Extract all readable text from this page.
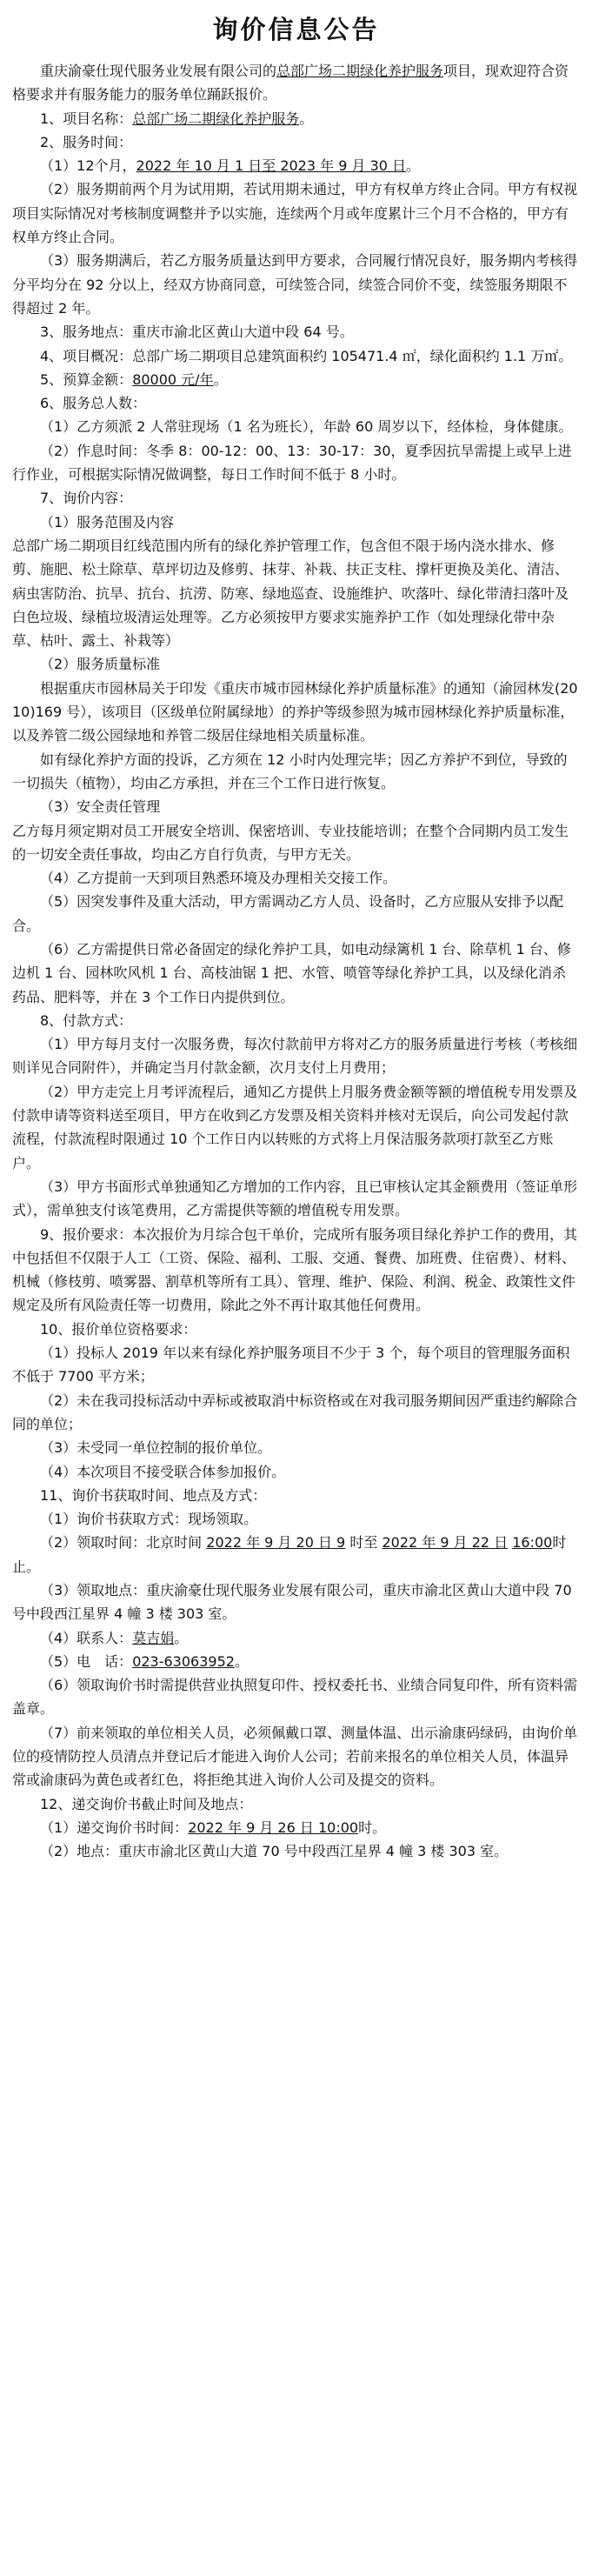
询价信息公告

重庆渝豪仕现代服务业发展有限公司的总部广场二期绿化养护服务项目，现欢迎符合资格要求并有服务能力的服务单位踊跃报价。

1、项目名称：总部广场二期绿化养护服务。

2、服务时间：

（1）12个月，2022 年 10 月 1 日至 2023 年 9 月 30 日。

（2）服务期前两个月为试用期，若试用期未通过，甲方有权单方终止合同。甲方有权视项目实际情况对考核制度调整并予以实施，连续两个月或年度累计三个月不合格的，甲方有权单方终止合同。

（3）服务期满后，若乙方服务质量达到甲方要求，合同履行情况良好，服务期内考核得分平均分在 92 分以上，经双方协商同意，可续签合同，续签合同价不变，续签服务期限不得超过 2 年。

3、服务地点：重庆市渝北区黄山大道中段 64 号。

4、项目概况：总部广场二期项目总建筑面积约 105471.4 ㎡，绿化面积约 1.1 万㎡。

5、预算金额：80000 元/年。

6、服务总人数：

（1）乙方须派 2 人常驻现场（1 名为班长），年龄 60 周岁以下，经体检，身体健康。

（2）作息时间：冬季 8：00-12：00、13：30-17：30，夏季因抗旱需提上或早上进行作业，可根据实际情况做调整，每日工作时间不低于 8 小时。

7、询价内容：

（1）服务范围及内容

总部广场二期项目红线范围内所有的绿化养护管理工作，包含但不限于场内浇水排水、修剪、施肥、松土除草、草坪切边及修剪、抹芽、补栽、扶正支柱、撑杆更换及美化、清洁、病虫害防治、抗旱、抗台、抗涝、防寒、绿地巡查、设施维护、吹落叶、绿化带清扫落叶及白色垃圾、绿植垃圾清运处理等。乙方必须按甲方要求实施养护工作（如处理绿化带中杂草、枯叶、露土、补栽等）

（2）服务质量标准

根据重庆市园林局关于印发《重庆市城市园林绿化养护质量标准》的通知（渝园林发(2010)169 号），该项目（区级单位附属绿地）的养护等级参照为城市园林绿化养护质量标准，以及养管二级公园绿地和养管二级居住绿地相关质量标准。

如有绿化养护方面的投诉，乙方须在 12 小时内处理完毕；因乙方养护不到位，导致的一切损失（植物），均由乙方承担，并在三个工作日进行恢复。

（3）安全责任管理

乙方每月须定期对员工开展安全培训、保密培训、专业技能培训；在整个合同期内员工发生的一切安全责任事故，均由乙方自行负责，与甲方无关。

（4）乙方提前一天到项目熟悉环境及办理相关交接工作。

（5）因突发事件及重大活动，甲方需调动乙方人员、设备时，乙方应服从安排予以配合。

（6）乙方需提供日常必备固定的绿化养护工具，如电动绿篱机 1 台、除草机 1 台、修边机 1 台、园林吹风机 1 台、高枝油锯 1 把、水管、喷管等绿化养护工具，以及绿化消杀药品、肥料等，并在 3 个工作日内提供到位。

8、付款方式：

（1）甲方每月支付一次服务费，每次付款前甲方将对乙方的服务质量进行考核（考核细则详见合同附件），并确定当月付款金额，次月支付上月费用；

（2）甲方走完上月考评流程后，通知乙方提供上月服务费金额等额的增值税专用发票及付款申请等资料送至项目，甲方在收到乙方发票及相关资料并核对无误后，向公司发起付款流程，付款流程时限通过 10 个工作日内以转账的方式将上月保洁服务款项打款至乙方账户。

（3）甲方书面形式单独通知乙方增加的工作内容，且已审核认定其金额费用（签证单形式），需单独支付该笔费用，乙方需提供等额的增值税专用发票。

9、报价要求：本次报价为月综合包干单价，完成所有服务项目绿化养护工作的费用，其中包括但不仅限于人工（工资、保险、福利、工服、交通、餐费、加班费、住宿费）、材料、机械（修枝剪、喷雾器、割草机等所有工具）、管理、维护、保险、利润、税金、政策性文件规定及所有风险责任等一切费用，除此之外不再计取其他任何费用。

10、报价单位资格要求：

（1）投标人 2019 年以来有绿化养护服务项目不少于 3 个，每个项目的管理服务面积不低于 7700 平方米；

（2）未在我司投标活动中弄标或被取消中标资格或在对我司服务期间因严重违约解除合同的单位；

（3）未受同一单位控制的报价单位。

（4）本次项目不接受联合体参加报价。

11、询价书获取时间、地点及方式：

（1）询价书获取方式：现场领取。

（2）领取时间：北京时间 2022 年 9 月 20 日 9 时至 2022 年 9 月 22 日 16:00时止。

（3）领取地点：重庆渝豪仕现代服务业发展有限公司，重庆市渝北区黄山大道中段 70 号中段西江星界 4 幢 3 楼 303 室。

（4）联系人：莫吉娟。

（5）电　话：023-63063952。

（6）领取询价书时需提供营业执照复印件、授权委托书、业绩合同复印件，所有资料需盖章。

（7）前来领取的单位相关人员，必须佩戴口罩、测量体温、出示渝康码绿码，由询价单位的疫情防控人员清点并登记后才能进入询价人公司；若前来报名的单位相关人员，体温异常或渝康码为黄色或者红色，将拒绝其进入询价人公司及提交的资料。

12、递交询价书截止时间及地点：

（1）递交询价书时间：2022 年 9 月 26 日 10:00时。

（2）地点：重庆市渝北区黄山大道 70 号中段西江星界 4 幢 3 楼 303 室。
